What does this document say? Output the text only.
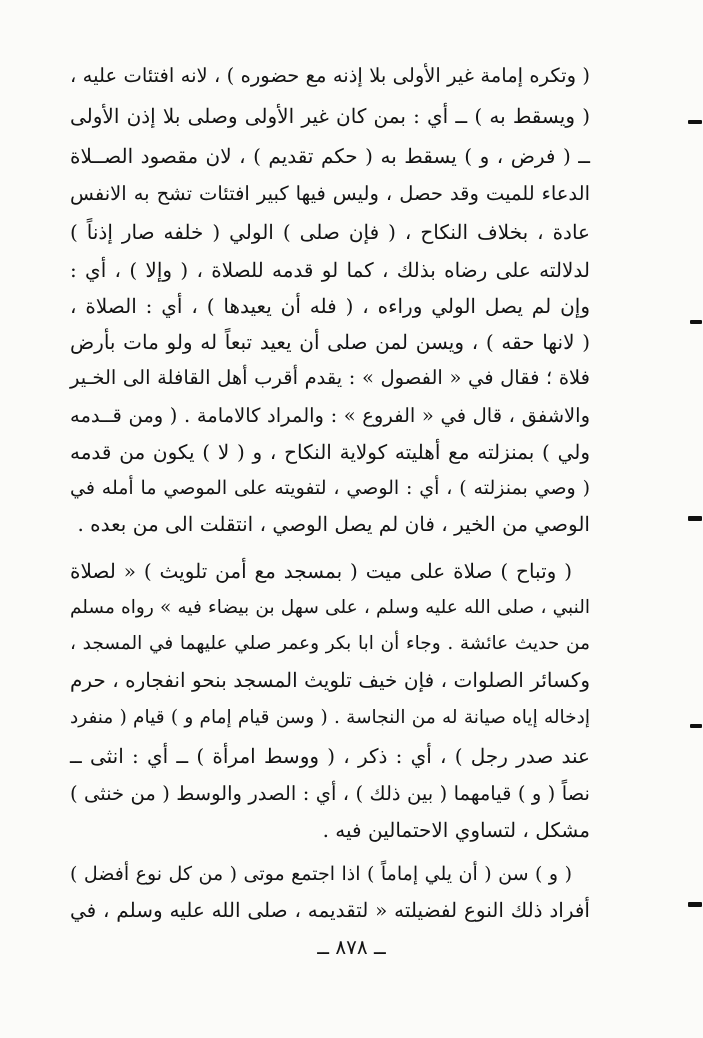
( وتكره إمامة غير الأولى بلا إذنه مع حضوره ) ، لانه افتئات عليه ،
( ويسقط به ) ــ أي : بمن كان غير الأولى وصلى بلا إذن الأولى
ــ ( فرض ، و ) يسقط به ( حكم تقديم ) ، لان مقصود الصــلاة
الدعاء للميت وقد حصل ، وليس فيها كبير افتئات تشح به الانفس
عادة ، بخلاف النكاح ، ( فإن صلى ) الولي ( خلفه صار إذناً )
لدلالته على رضاه بذلك ، كما لو قدمه للصلاة ، ( وإلا ) ، أي :
وإن لم يصل الولي وراءه ، ( فله أن يعيدها ) ، أي : الصلاة ،
( لانها حقه ) ، ويسن لمن صلى أن يعيد تبعاً له ولو مات بأرض
فلاة ؛ فقال في « الفصول » : يقدم أقرب أهل القافلة الى الخـير
والاشفق ، قال في « الفروع » : والمراد كالامامة . ( ومن قــدمه
ولي ) بمنزلته مع أهليته كولاية النكاح ، و ( لا ) يكون من قدمه
( وصي بمنزلته ) ، أي : الوصي ، لتفويته على الموصي ما أمله في
الوصي من الخير ، فان لم يصل الوصي ، انتقلت الى من بعده .
( وتباح ) صلاة على ميت ( بمسجد مع أمن تلويث ) « لصلاة
النبي ، صلى الله عليه وسلم ، على سهل بن بيضاء فيه » رواه مسلم
من حديث عائشة . وجاء أن ابا بكر وعمر صلي عليهما في المسجد ،
وكسائر الصلوات ، فإن خيف تلويث المسجد بنحو انفجاره ، حرم
إدخاله إياه صيانة له من النجاسة . ( وسن قيام إمام و ) قيام ( منفرد
عند صدر رجل ) ، أي : ذكر ، ( ووسط امرأة ) ــ أي : انثى ــ
نصاً ( و ) قيامهما ( بين ذلك ) ، أي : الصدر والوسط ( من خنثى )
مشكل ، لتساوي الاحتمالين فيه .
( و ) سن ( أن يلي إماماً ) اذا اجتمع موتى ( من كل نوع أفضل )
أفراد ذلك النوع لفضيلته « لتقديمه ، صلى الله عليه وسلم ، في
ــ ٨٧٨ ــ
